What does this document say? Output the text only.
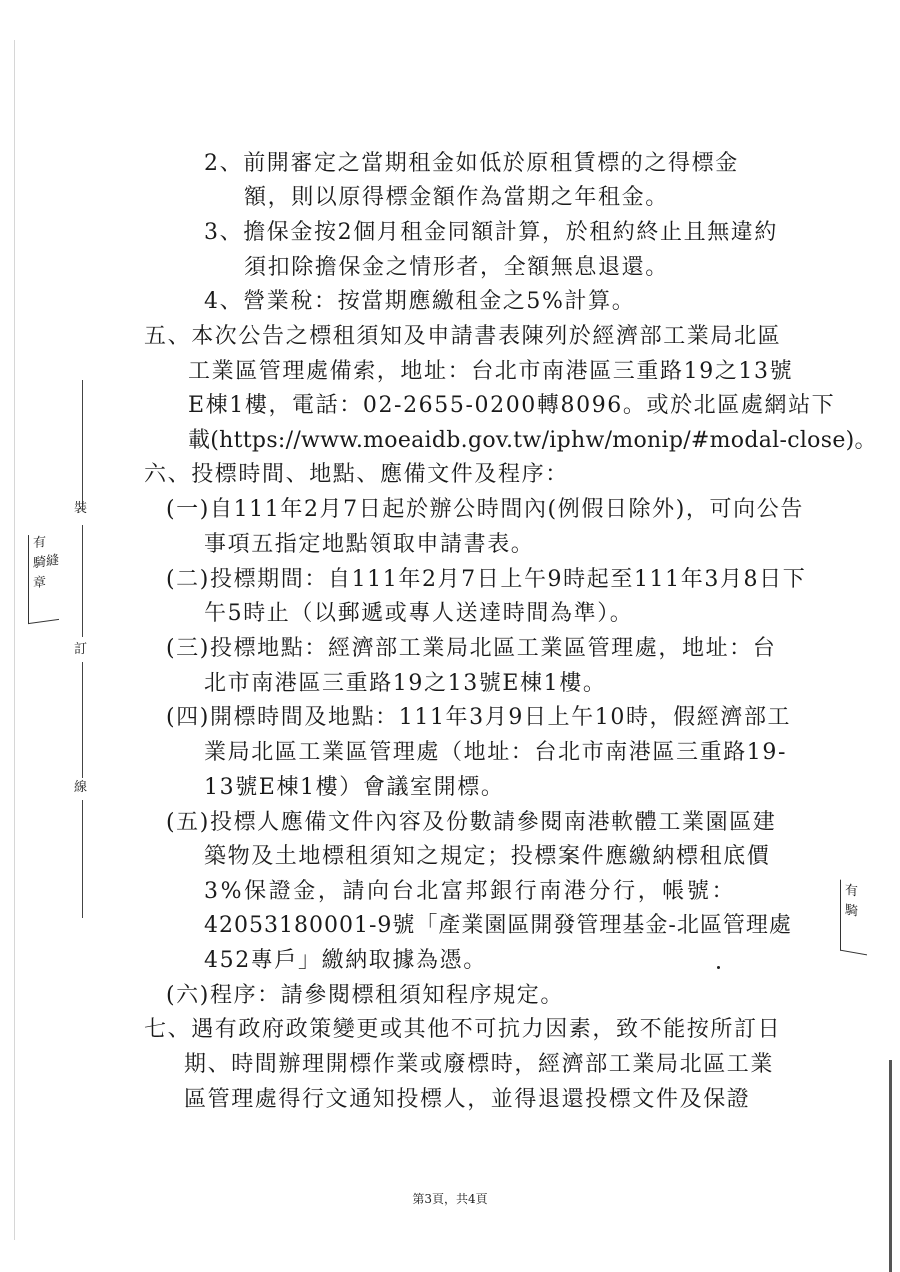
裝
訂
線
有
騎縫
章
有
騎
2、前開審定之當期租金如低於原租賃標的之得標金
額，則以原得標金額作為當期之年租金。
3、擔保金按2個月租金同額計算，於租約終止且無違約
須扣除擔保金之情形者，全額無息退還。
4、營業稅：按當期應繳租金之5%計算。
五、本次公告之標租須知及申請書表陳列於經濟部工業局北區
工業區管理處備索，地址：台北市南港區三重路19之13號
E棟1樓，電話：02-2655-0200轉8096。或於北區處網站下
載(https://www.moeaidb.gov.tw/iphw/monip/#modal-close)。
六、投標時間、地點、應備文件及程序：
(一)自111年2月7日起於辦公時間內(例假日除外)，可向公告
事項五指定地點領取申請書表。
(二)投標期間：自111年2月7日上午9時起至111年3月8日下
午5時止（以郵遞或專人送達時間為準）。
(三)投標地點：經濟部工業局北區工業區管理處，地址：台
北市南港區三重路19之13號E棟1樓。
(四)開標時間及地點：111年3月9日上午10時，假經濟部工
業局北區工業區管理處（地址：台北市南港區三重路19-
13號E棟1樓）會議室開標。
(五)投標人應備文件內容及份數請參閱南港軟體工業園區建
築物及土地標租須知之規定；投標案件應繳納標租底價
3%保證金，請向台北富邦銀行南港分行，帳號：
42053180001-9號「產業園區開發管理基金-北區管理處
452專戶」繳納取據為憑。
(六)程序：請參閱標租須知程序規定。
七、遇有政府政策變更或其他不可抗力因素，致不能按所訂日
期、時間辦理開標作業或廢標時，經濟部工業局北區工業
區管理處得行文通知投標人，並得退還投標文件及保證
第3頁，共4頁
